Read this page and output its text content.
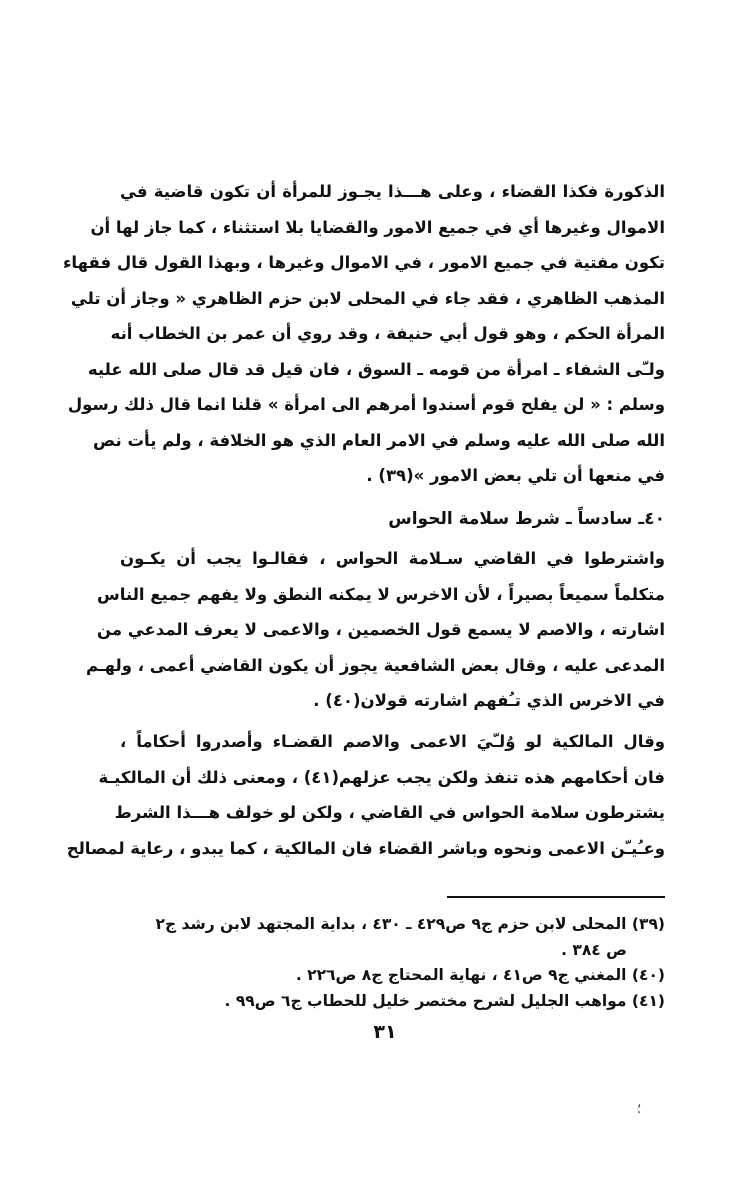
الذكورة فكذا القضاء ، وعلى هـــذا يجـوز للمرأة أن تكون قاضية في
الاموال وغيرها أي في جميع الامور والقضايا بلا استثناء ، كما جاز لها أن
تكون مفتية في جميع الامور ، في الاموال وغيرها ، وبهذا القول قال فقهاء
المذهب الظاهري ، فقد جاء في المحلى لابن حزم الظاهري « وجاز أن تلي
المرأة الحكم ، وهو قول أبي حنيفة ، وقد روي أن عمر بن الخطاب أنه
ولـّى الشفاء ـ امرأة من قومه ـ السوق ، فان قيل قد قال صلى الله عليه
وسلم : « لن يفلح قوم أسندوا أمرهم الى امرأة » قلنا انما قال ذلك رسول
الله صلى الله عليه وسلم في الامر العام الذي هو الخلافة ، ولم يأت نص
في منعها أن تلي بعض الامور »(٣٩) .
٤٠ـ سادساً ـ شرط سلامة الحواس
واشترطوا في القاضي سـلامة الحواس ، فقالـوا يجب أن يكـون
متكلماً سميعاً بصيراً ، لأن الاخرس لا يمكنه النطق ولا يفهم جميع الناس
اشارته ، والاصم لا يسمع قول الخصمين ، والاعمى لا يعرف المدعي من
المدعى عليه ، وقال بعض الشافعية يجوز أن يكون القاضي أعمى ، ولهـم
في الاخرس الذي تـُفهم اشارته قولان(٤٠) .
وقال المالكية لو وُلـّيَ الاعمى والاصم القضـاء وأصدروا أحكاماً ،
فان أحكامهم هذه تنفذ ولكن يجب عزلهم(٤١) ، ومعنى ذلك أن المالكيـة
يشترطون سلامة الحواس في القاضي ، ولكن لو خولف هـــذا الشرط
وعـُيـّن الاعمى ونحوه وباشر القضاء فان المالكية ، كما يبدو ، رعاية لمصالح
(٣٩) المحلى لابن حزم ج٩ ص٤٢٩ ـ ٤٣٠ ، بداية المجتهد لابن رشد ج٢
ص ٣٨٤ .
(٤٠) المغني ج٩ ص٤١ ، نهاية المحتاج ج٨ ص٢٢٦ .
(٤١) مواهب الجليل لشرح مختصر خليل للحطاب ج٦ ص٩٩ .
٣١
؛
